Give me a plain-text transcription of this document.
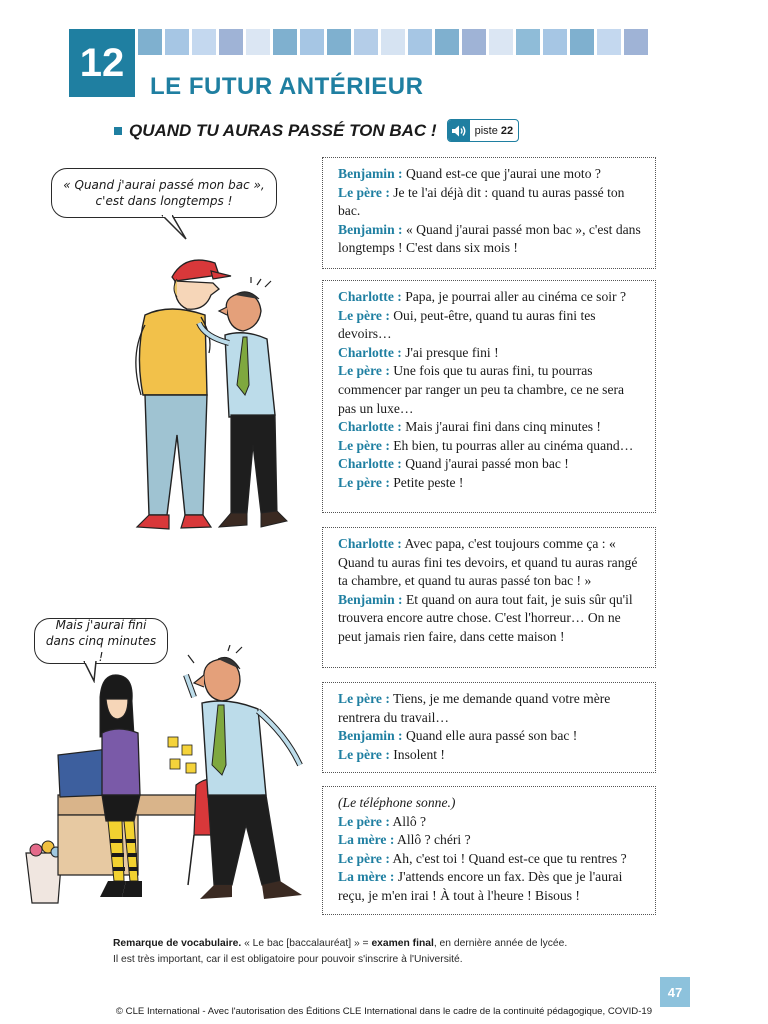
12
LE FUTUR ANTÉRIEUR
QUAND TU AURAS PASSÉ TON BAC !	piste 22
« Quand j'aurai passé mon bac »,
c'est dans longtemps !
Mais j'aurai fini
dans cinq minutes !

Benjamin : Quand est-ce que j'aurai une moto ?

Le père : Je te l'ai déjà dit : quand tu auras passé ton bac.

Benjamin : « Quand j'aurai passé mon bac », c'est dans longtemps ! C'est dans six mois !

Charlotte : Papa, je pourrai aller au cinéma ce soir ?

Le père : Oui, peut-être, quand tu auras fini tes devoirs…

Charlotte : J'ai presque fini !

Le père : Une fois que tu auras fini, tu pourras commencer par ranger un peu ta chambre, ce ne sera pas un luxe…

Charlotte : Mais j'aurai fini dans cinq minutes !

Le père : Eh bien, tu pourras aller au cinéma quand…

Charlotte : Quand j'aurai passé mon bac !

Le père : Petite peste !

Charlotte : Avec papa, c'est toujours comme ça : « Quand tu auras fini tes devoirs, et quand tu auras rangé ta chambre, et quand tu auras passé ton bac ! »

Benjamin : Et quand on aura tout fait, je suis sûr qu'il trouvera encore autre chose. C'est l'horreur… On ne peut jamais rien faire, dans cette maison !

Le père : Tiens, je me demande quand votre mère rentrera du travail…

Benjamin : Quand elle aura passé son bac !

Le père : Insolent !

(Le téléphone sonne.)

Le père : Allô ?

La mère : Allô ? chéri ?

Le père : Ah, c'est toi ! Quand est-ce que tu rentres ?

La mère : J'attends encore un fax. Dès que je l'aurai reçu, je m'en irai ! À tout à l'heure ! Bisous !

Remarque de vocabulaire. « Le bac [baccalauréat] » = examen final, en dernière année de lycée.
Il est très important, car il est obligatoire pour pouvoir s'inscrire à l'Université.
47
© CLE International - Avec l'autorisation des Éditions CLE International dans le cadre de la continuité pédagogique, COVID-19
